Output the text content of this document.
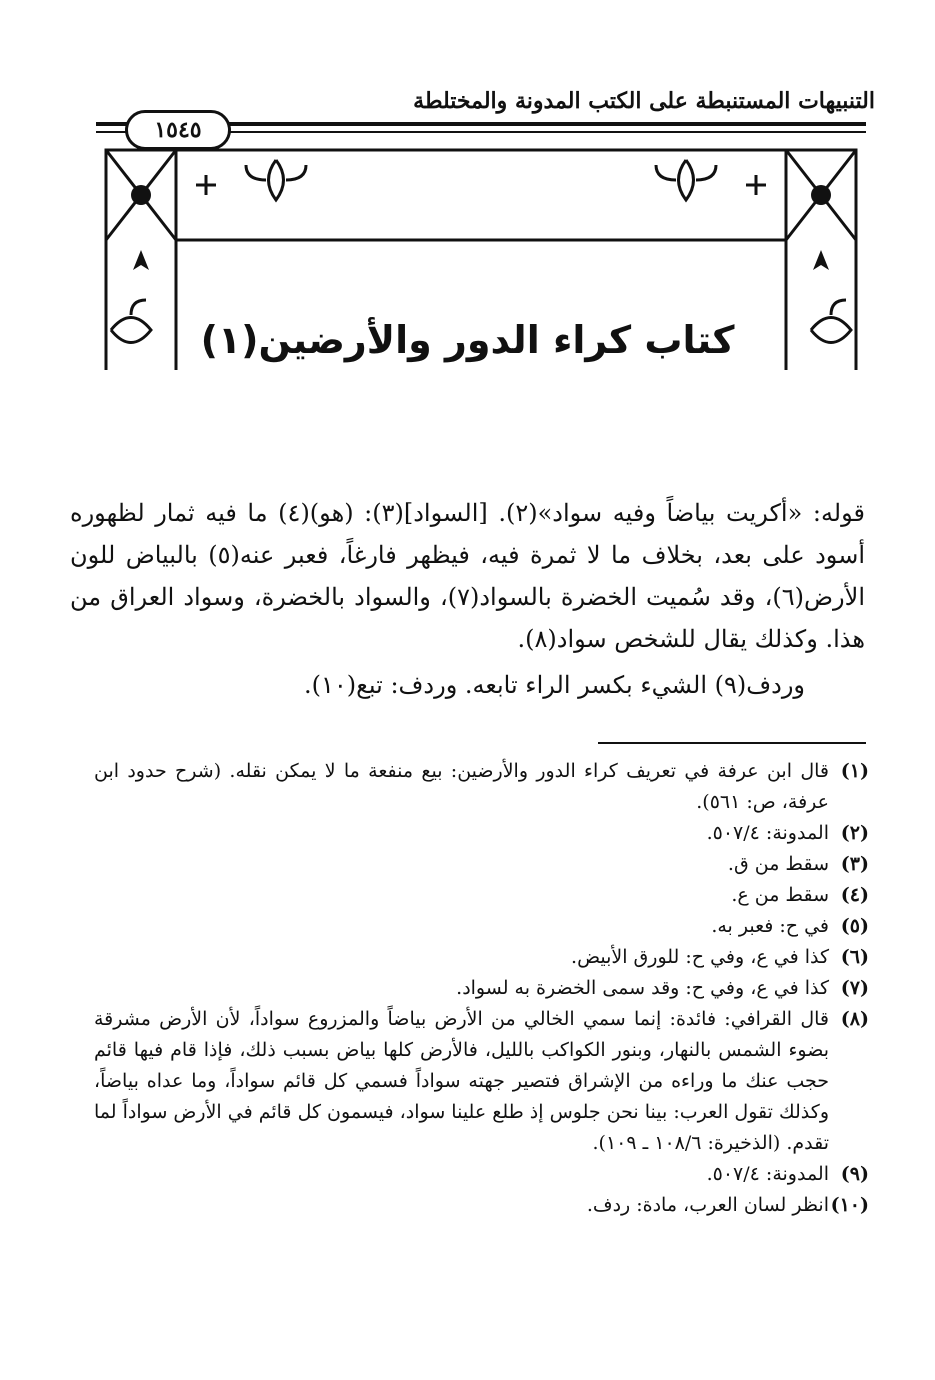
التنبيهات المستنبطة على الكتب المدونة والمختلطة
١٥٤٥
كتاب كراء الدور والأرضين(١)

قوله: «أكريت بياضاً وفيه سواد»(٢). [السواد](٣): (هو)(٤) ما فيه ثمار لظهوره أسود على بعد، بخلاف ما لا ثمرة فيه، فيظهر فارغاً، فعبر عنه(٥) بالبياض للون الأرض(٦)، وقد سُميت الخضرة بالسواد(٧)، والسواد بالخضرة، وسواد العراق من هذا. وكذلك يقال للشخص سواد(٨).

وردف(٩) الشيء بكسر الراء تابعه. وردف: تبع(١٠).

(١)
قال ابن عرفة في تعريف كراء الدور والأرضين: بيع منفعة ما لا يمكن نقله. (شرح حدود ابن عرفة، ص: ٥٦١).
(٢)
المدونة: ٥٠٧/٤.
(٣)
سقط من ق.
(٤)
سقط من ع.
(٥)
في ح: فعبر به.
(٦)
كذا في ع، وفي ح: للورق الأبيض.
(٧)
كذا في ع، وفي ح: وقد سمى الخضرة به لسواد.
(٨)
قال القرافي: فائدة: إنما سمي الخالي من الأرض بياضاً والمزروع سواداً، لأن الأرض مشرقة بضوء الشمس بالنهار، وبنور الكواكب بالليل، فالأرض كلها بياض بسبب ذلك، فإذا قام فيها قائم حجب عنك ما وراءه من الإشراق فتصير جهته سواداً فسمي كل قائم سواداً، وما عداه بياضاً، وكذلك تقول العرب: بينا نحن جلوس إذ طلع علينا سواد، فيسمون كل قائم في الأرض سواداً لما تقدم. (الذخيرة: ١٠٨/٦ ـ ١٠٩).
(٩)
المدونة: ٥٠٧/٤.
(١٠)
انظر لسان العرب، مادة: ردف.
